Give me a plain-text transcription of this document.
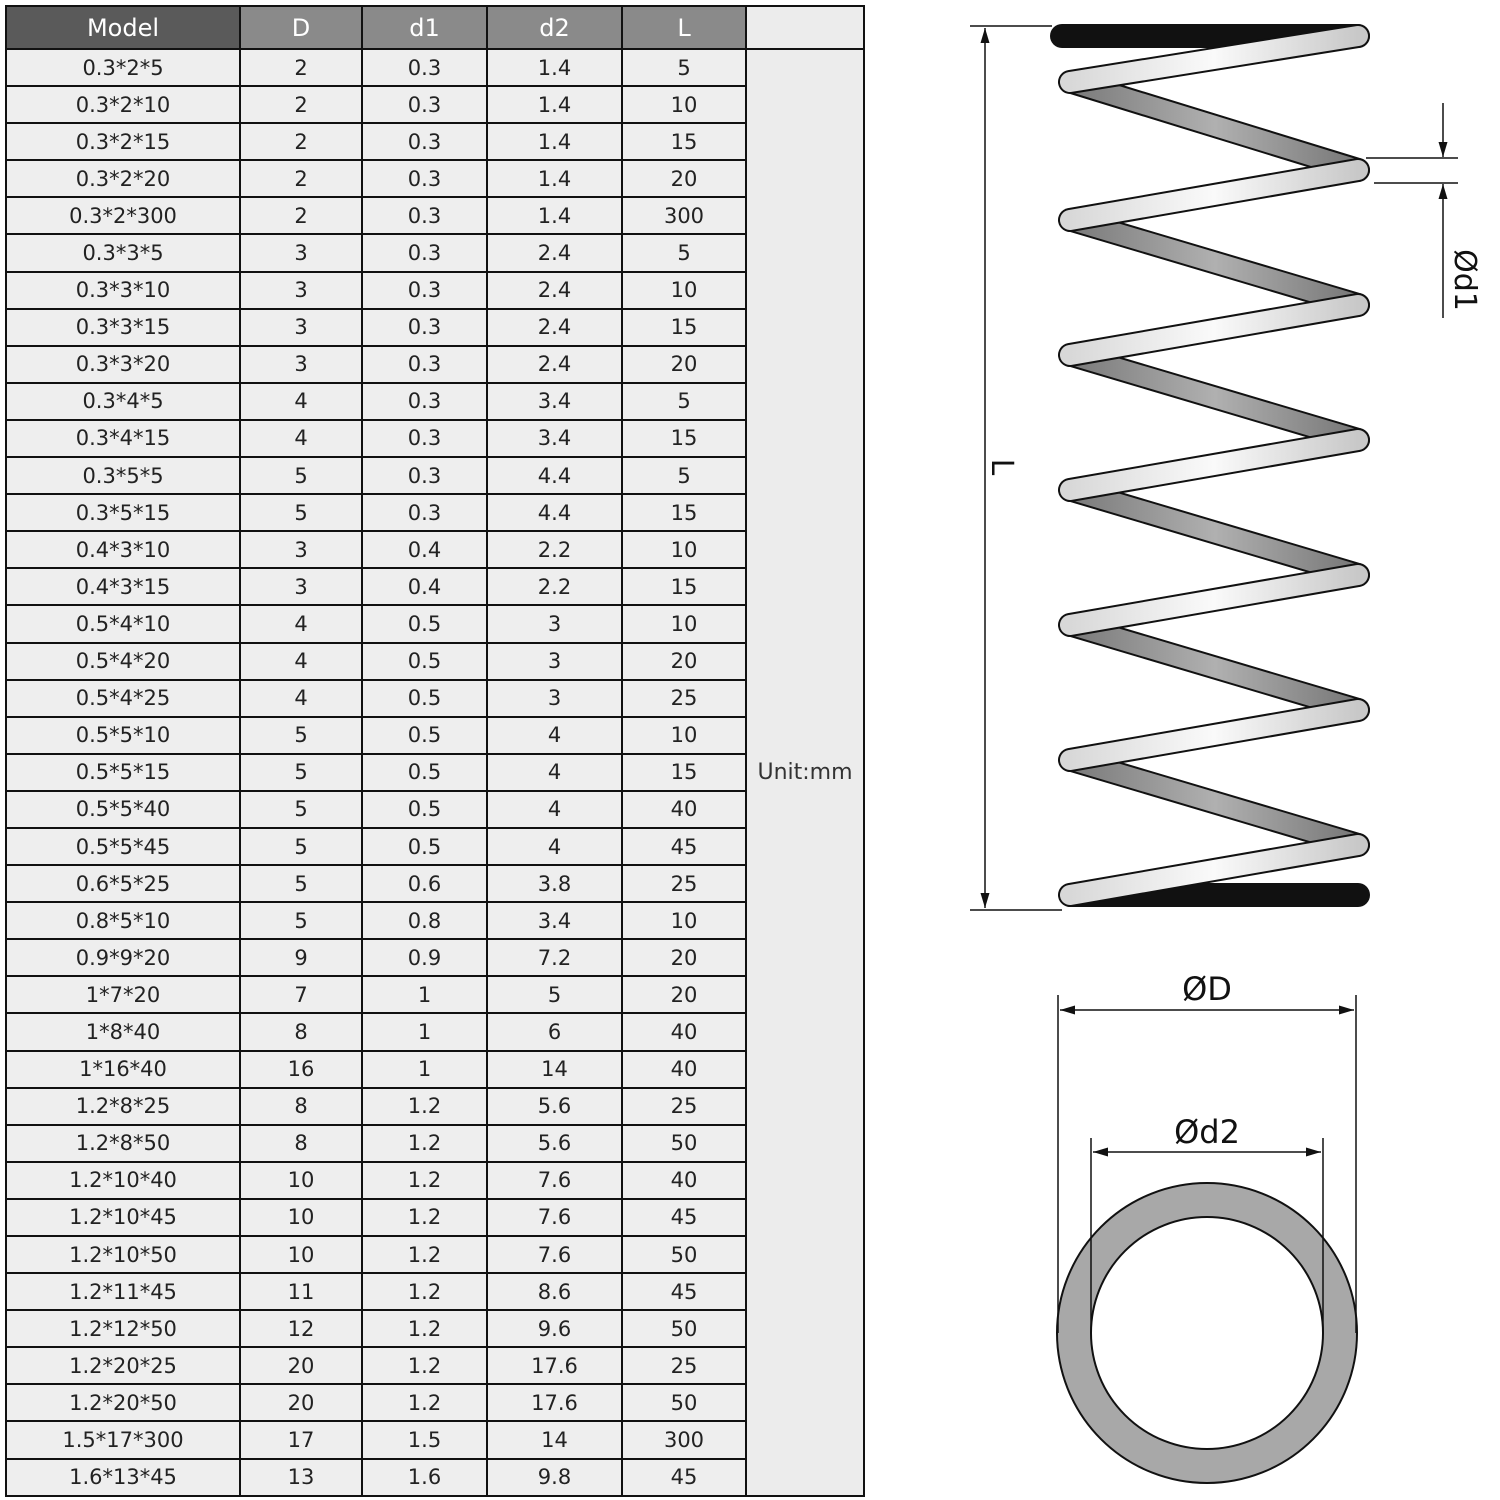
Model	D	d1	d2	L	
0.3*2*5	2	0.3	1.4	5	Unit:mm
0.3*2*10	2	0.3	1.4	10	
0.3*2*15	2	0.3	1.4	15	
0.3*2*20	2	0.3	1.4	20	
0.3*2*300	2	0.3	1.4	300	
0.3*3*5	3	0.3	2.4	5	
0.3*3*10	3	0.3	2.4	10	
0.3*3*15	3	0.3	2.4	15	
0.3*3*20	3	0.3	2.4	20	
0.3*4*5	4	0.3	3.4	5	
0.3*4*15	4	0.3	3.4	15	
0.3*5*5	5	0.3	4.4	5	
0.3*5*15	5	0.3	4.4	15	
0.4*3*10	3	0.4	2.2	10	
0.4*3*15	3	0.4	2.2	15	
0.5*4*10	4	0.5	3	10	
0.5*4*20	4	0.5	3	20	
0.5*4*25	4	0.5	3	25	
0.5*5*10	5	0.5	4	10	
0.5*5*15	5	0.5	4	15	
0.5*5*40	5	0.5	4	40	
0.5*5*45	5	0.5	4	45	
0.6*5*25	5	0.6	3.8	25	
0.8*5*10	5	0.8	3.4	10	
0.9*9*20	9	0.9	7.2	20	
1*7*20	7	1	5	20	
1*8*40	8	1	6	40	
1*16*40	16	1	14	40	
1.2*8*25	8	1.2	5.6	25	
1.2*8*50	8	1.2	5.6	50	
1.2*10*40	10	1.2	7.6	40	
1.2*10*45	10	1.2	7.6	45	
1.2*10*50	10	1.2	7.6	50	
1.2*11*45	11	1.2	8.6	45	
1.2*12*50	12	1.2	9.6	50	
1.2*20*25	20	1.2	17.6	25	
1.2*20*50	20	1.2	17.6	50	
1.5*17*300	17	1.5	14	300	
1.6*13*45	13	1.6	9.8	45	
L
Ød1
ØD
Ød2
